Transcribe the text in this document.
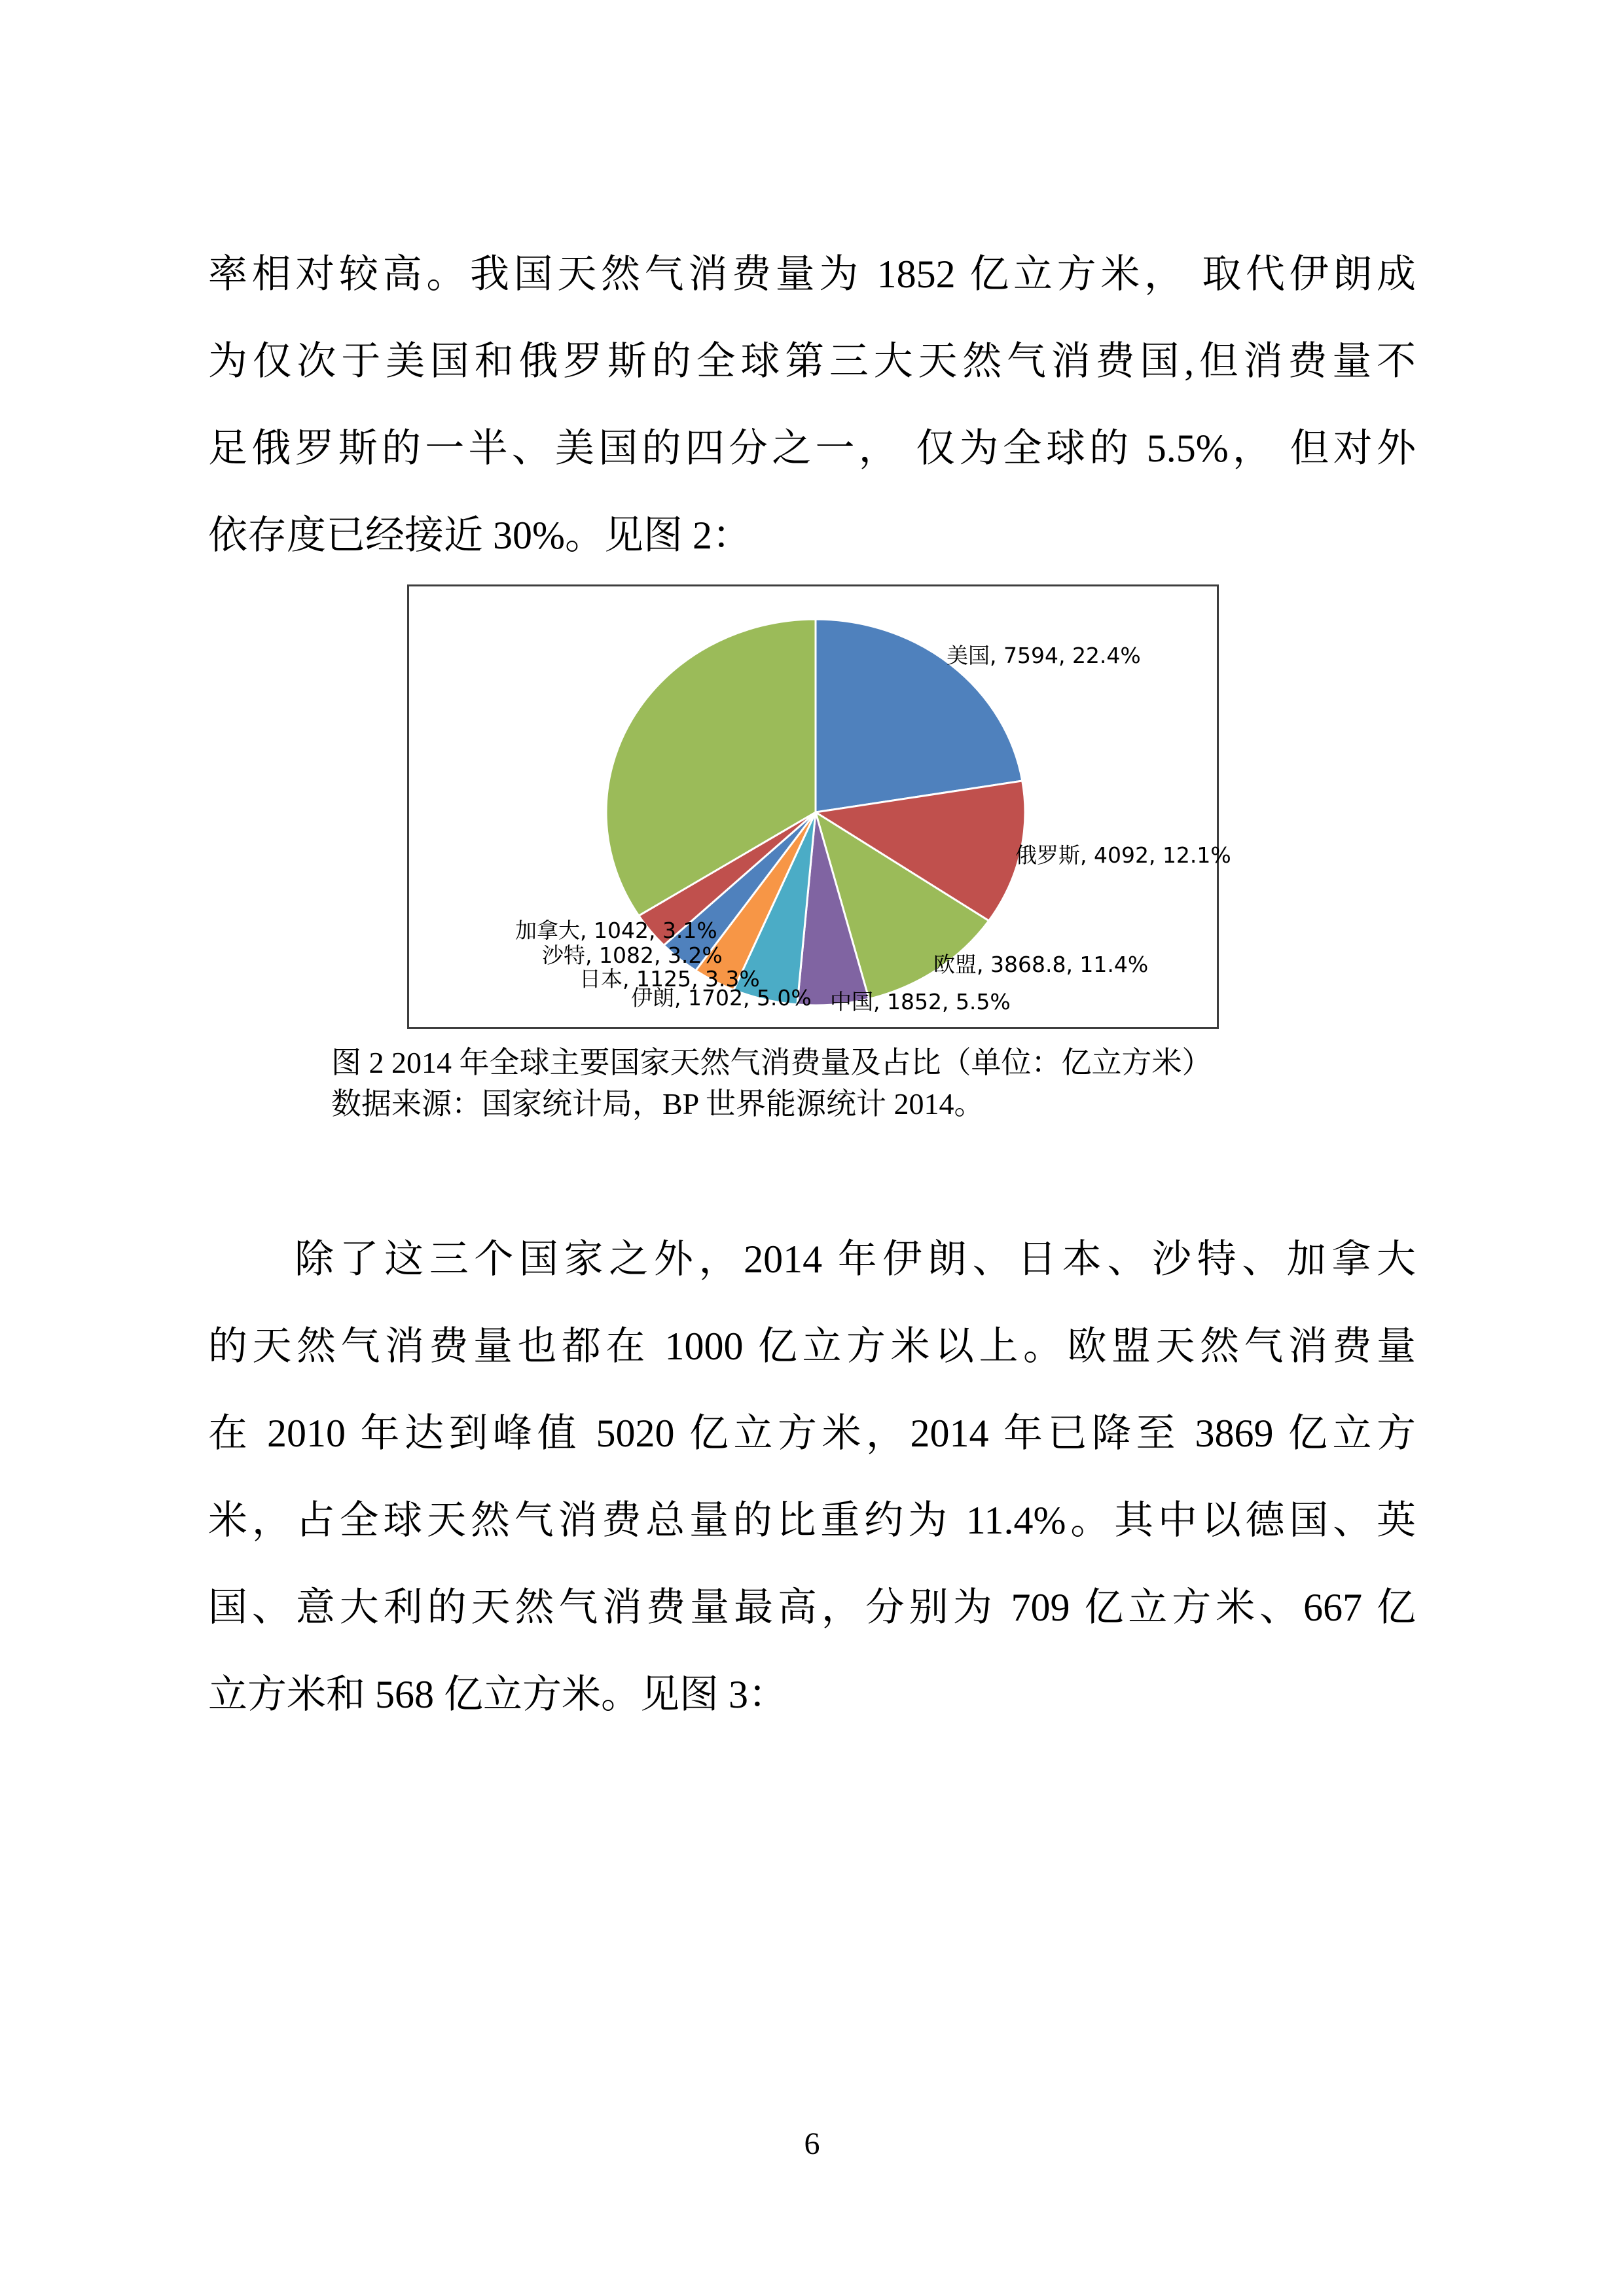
率相对较高。我国天然气消费量为 1852 亿立方米， 取代伊朗成
为仅次于美国和俄罗斯的全球第三大天然气消费国,但消费量不
足俄罗斯的一半、美国的四分之一， 仅为全球的 5.5%， 但对外
依存度已经接近 30%。见图 2：
美国, 7594, 22.4%
俄罗斯, 4092, 12.1%
欧盟, 3868.8, 11.4%
中国, 1852, 5.5%
伊朗, 1702, 5.0%
日本, 1125, 3.3%
沙特, 1082, 3.2%
加拿大, 1042, 3.1%
图 2 2014 年全球主要国家天然气消费量及占比（单位：亿立方米）
数据来源：国家统计局，BP 世界能源统计 2014。
除了这三个国家之外，2014 年伊朗、日本、沙特、加拿大
的天然气消费量也都在 1000 亿立方米以上。欧盟天然气消费量
在 2010 年达到峰值 5020 亿立方米，2014 年已降至 3869 亿立方
米，占全球天然气消费总量的比重约为 11.4%。其中以德国、英
国、意大利的天然气消费量最高，分别为 709 亿立方米、667 亿
立方米和 568 亿立方米。见图 3：
6
